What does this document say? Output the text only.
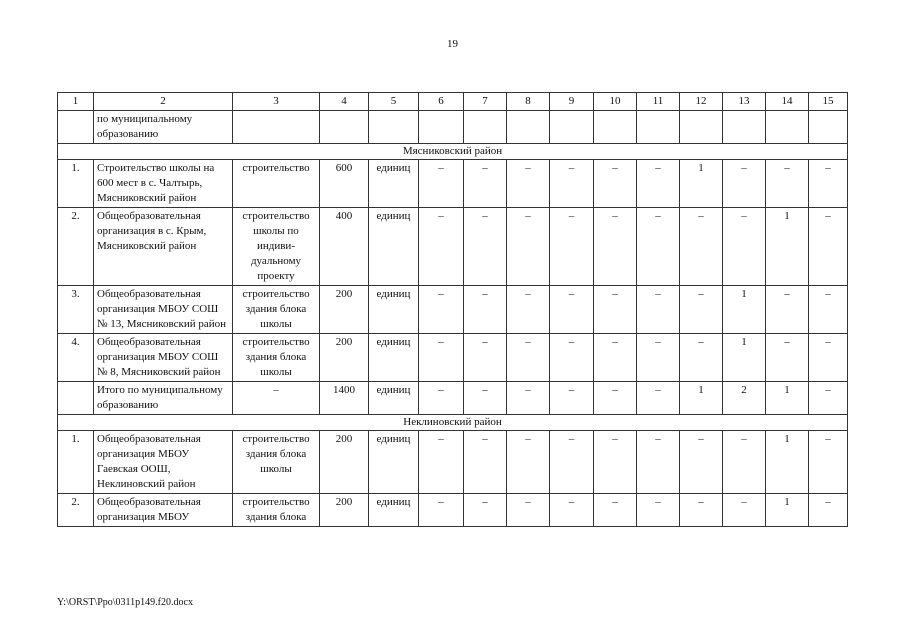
19
1	2	3	4	5	6	7	8	9	10	11	12	13	14	15
	по муниципальному образованию													
Мясниковский район														
1.	Строительство школы на 600 мест в с. Чалтырь, Мясниковский район	строительство	600	единиц	–	–	–	–	–	–	1	–	–	–
2.	Общеобразовательная организация в с. Крым, Мясниковский район	строительство школы по индиви-дуальному проекту	400	единиц	–	–	–	–	–	–	–	–	1	–
3.	Общеобразовательная организация МБОУ СОШ № 13, Мясниковский район	строительство здания блока школы	200	единиц	–	–	–	–	–	–	–	1	–	–
4.	Общеобразовательная организация МБОУ СОШ № 8, Мясниковский район	строительство здания блока школы	200	единиц	–	–	–	–	–	–	–	1	–	–
	Итого по муниципальному образованию	–	1400	единиц	–	–	–	–	–	–	1	2	1	–
Неклиновский район														
1.	Общеобразовательная организация МБОУ Гаевская ООШ, Неклиновский район	строительство здания блока школы	200	единиц	–	–	–	–	–	–	–	–	1	–
2.	Общеобразовательная организация МБОУ	строительство здания блока	200	единиц	–	–	–	–	–	–	–	–	1	–
Y:\ORST\Ppo\0311p149.f20.docx
